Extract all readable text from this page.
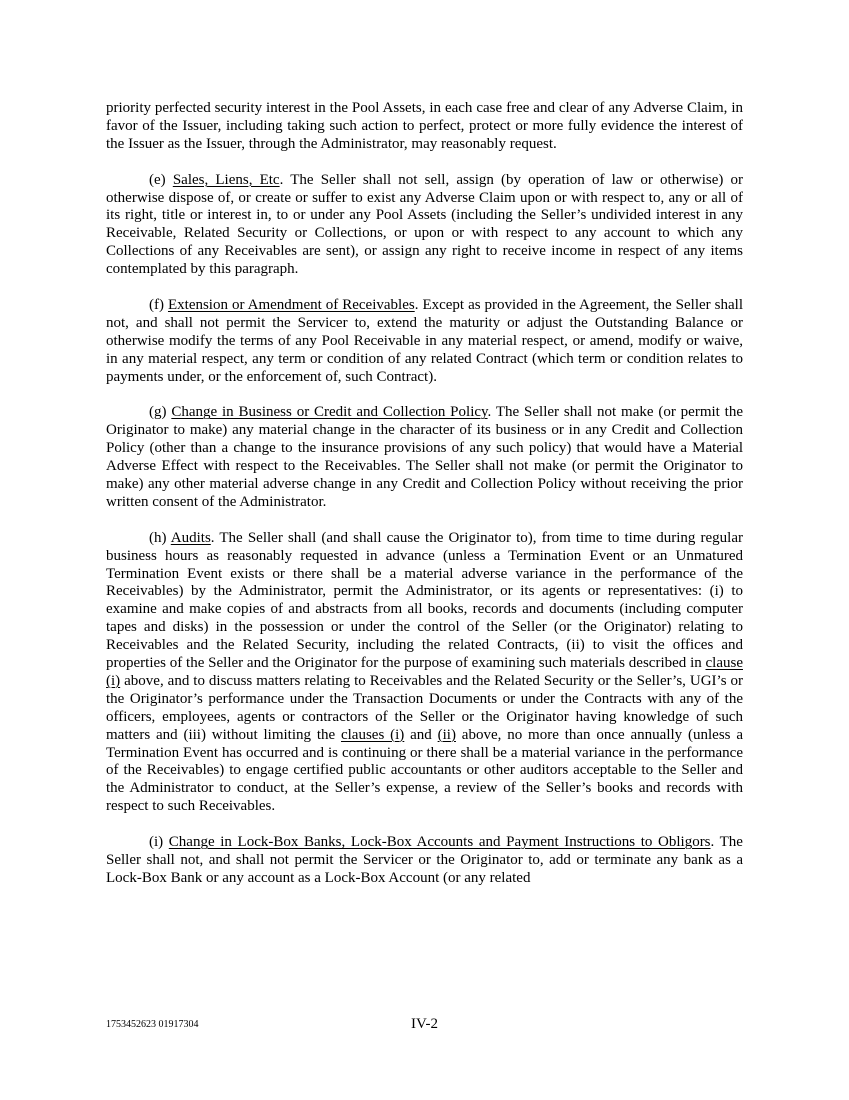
priority perfected security interest in the Pool Assets, in each case free and clear of any Adverse Claim, in favor of the Issuer, including taking such action to perfect, protect or more fully evidence the interest of the Issuer as the Issuer, through the Administrator, may reasonably request.

(e) Sales, Liens, Etc. The Seller shall not sell, assign (by operation of law or otherwise) or otherwise dispose of, or create or suffer to exist any Adverse Claim upon or with respect to, any or all of its right, title or interest in, to or under any Pool Assets (including the Seller’s undivided interest in any Receivable, Related Security or Collections, or upon or with respect to any account to which any Collections of any Receivables are sent), or assign any right to receive income in respect of any items contemplated by this paragraph.

(f) Extension or Amendment of Receivables. Except as provided in the Agreement, the Seller shall not, and shall not permit the Servicer to, extend the maturity or adjust the Outstanding Balance or otherwise modify the terms of any Pool Receivable in any material respect, or amend, modify or waive, in any material respect, any term or condition of any related Contract (which term or condition relates to payments under, or the enforcement of, such Contract).

(g) Change in Business or Credit and Collection Policy. The Seller shall not make (or permit the Originator to make) any material change in the character of its business or in any Credit and Collection Policy (other than a change to the insurance provisions of any such policy) that would have a Material Adverse Effect with respect to the Receivables. The Seller shall not make (or permit the Originator to make) any other material adverse change in any Credit and Collection Policy without receiving the prior written consent of the Administrator.

(h) Audits. The Seller shall (and shall cause the Originator to), from time to time during regular business hours as reasonably requested in advance (unless a Termination Event or an Unmatured Termination Event exists or there shall be a material adverse variance in the performance of the Receivables) by the Administrator, permit the Administrator, or its agents or representatives: (i) to examine and make copies of and abstracts from all books, records and documents (including computer tapes and disks) in the possession or under the control of the Seller (or the Originator) relating to Receivables and the Related Security, including the related Contracts, (ii) to visit the offices and properties of the Seller and the Originator for the purpose of examining such materials described in clause (i) above, and to discuss matters relating to Receivables and the Related Security or the Seller’s, UGI’s or the Originator’s performance under the Transaction Documents or under the Contracts with any of the officers, employees, agents or contractors of the Seller or the Originator having knowledge of such matters and (iii) without limiting the clauses (i) and (ii) above, no more than once annually (unless a Termination Event has occurred and is continuing or there shall be a material variance in the performance of the Receivables) to engage certified public accountants or other auditors acceptable to the Seller and the Administrator to conduct, at the Seller’s expense, a review of the Seller’s books and records with respect to such Receivables.

(i) Change in Lock-Box Banks, Lock-Box Accounts and Payment Instructions to Obligors. The Seller shall not, and shall not permit the Servicer or the Originator to, add or terminate any bank as a Lock-Box Bank or any account as a Lock-Box Account (or any related

1753452623 01917304	IV-2
